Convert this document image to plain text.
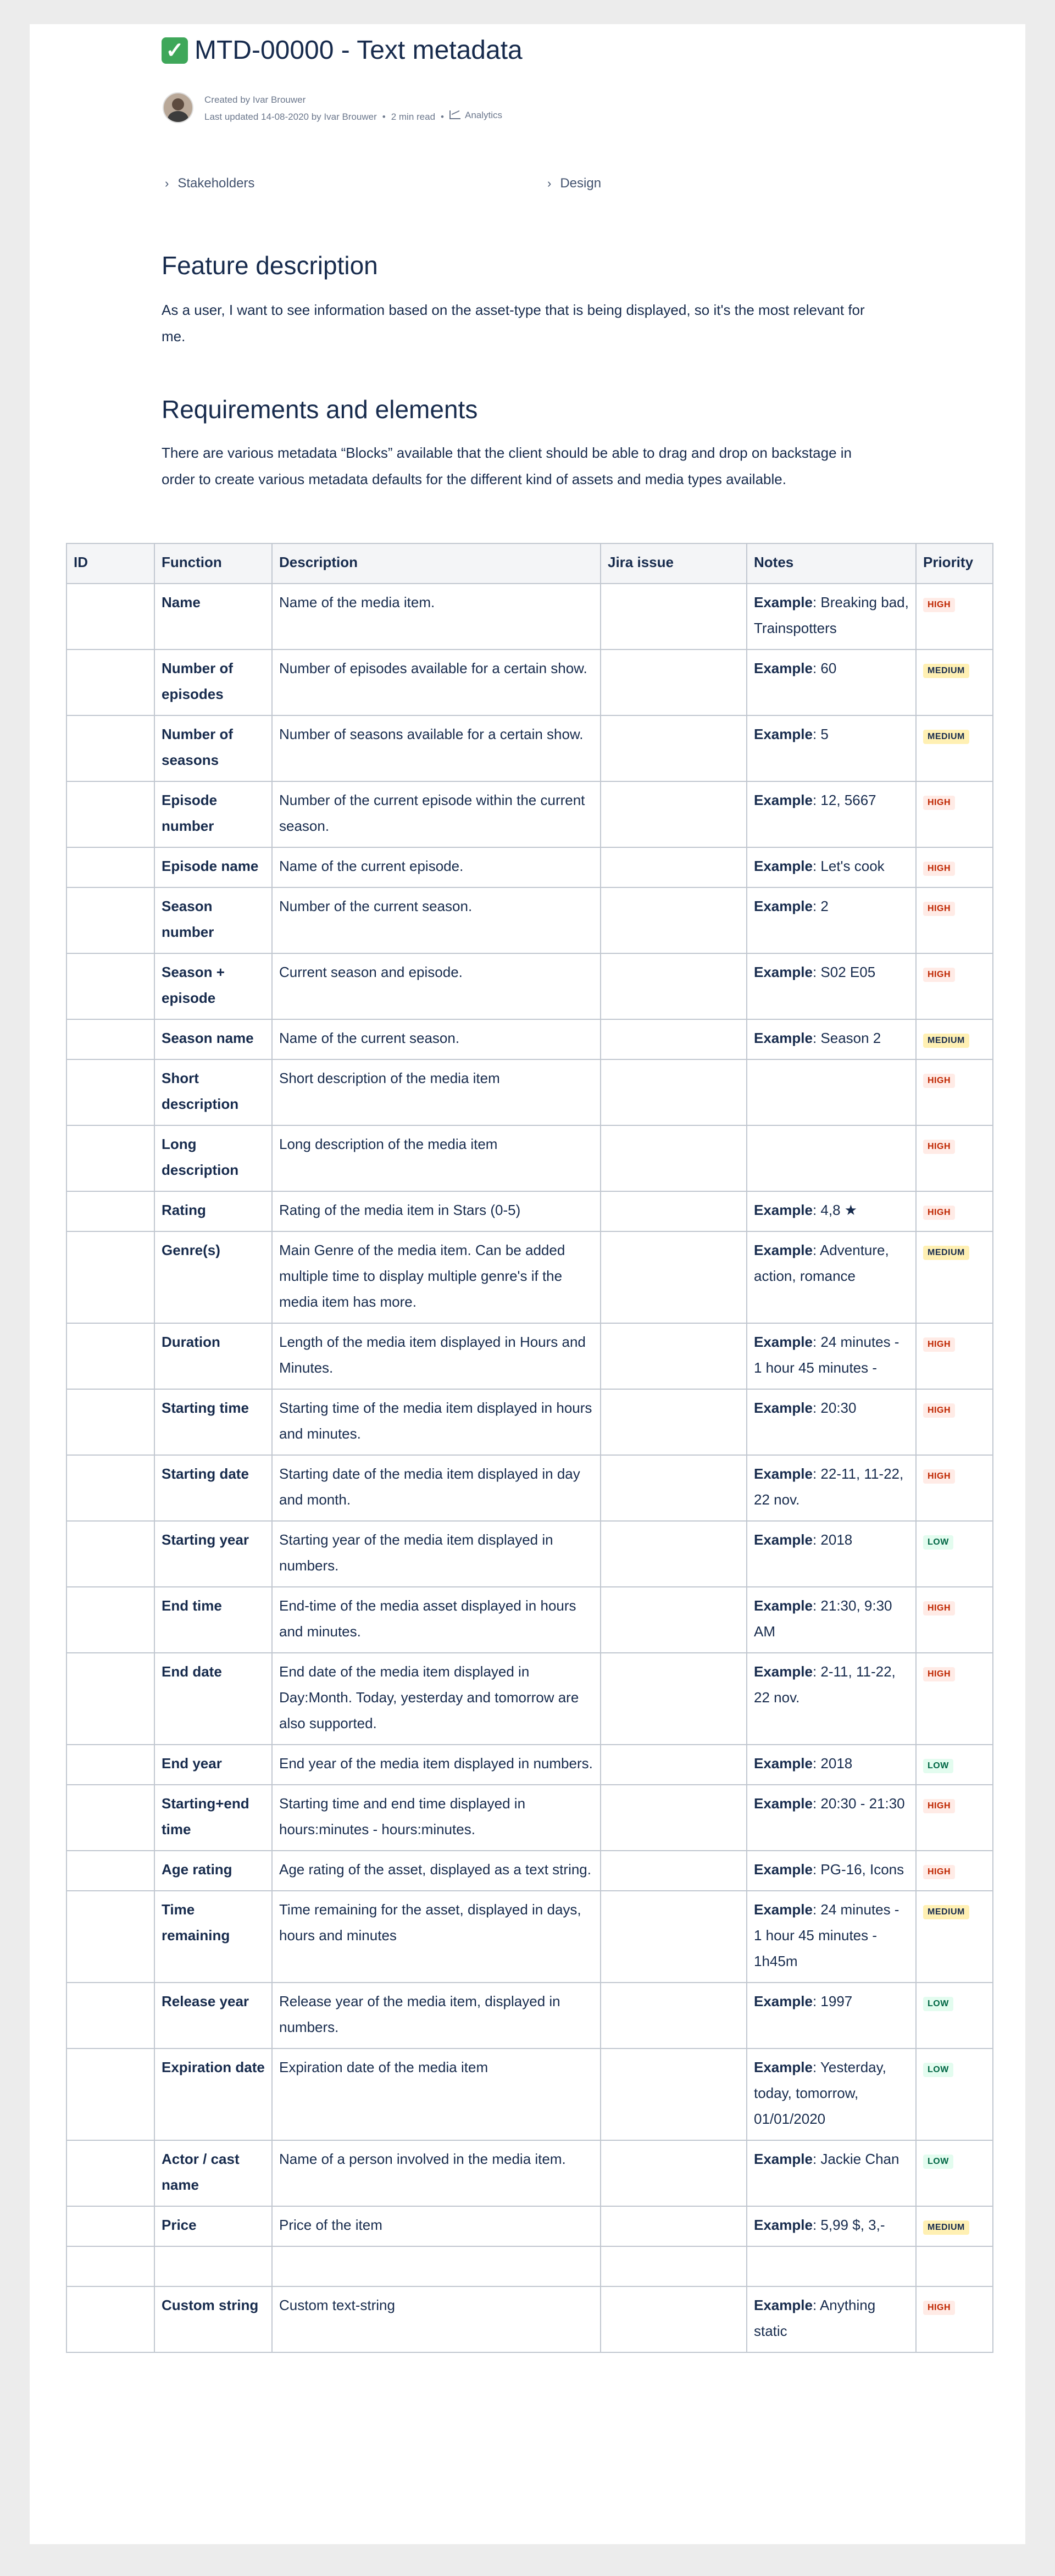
✓ MTD-00000 - Text metadata
Created by Ivar Brouwer
Last updated 14-08-2020 by Ivar Brouwer • 2 min read • Analytics
› Stakeholders	› Design
Feature description

As a user, I want to see information based on the asset-type that is being displayed, so it's the most relevant for me.

Requirements and elements

There are various metadata “Blocks” available that the client should be able to drag and drop on backstage in order to create various metadata defaults for the different kind of assets and media types available.

ID	Function	Description	Jira issue	Notes	Priority
	Name	Name of the media item.		Example: Breaking bad, Trainspotters	HIGH
	Number of episodes	Number of episodes available for a certain show.		Example: 60	MEDIUM
	Number of seasons	Number of seasons available for a certain show.		Example: 5	MEDIUM
	Episode number	Number of the current episode within the current season.		Example: 12, 5667	HIGH
	Episode name	Name of the current episode.		Example: Let's cook	HIGH
	Season number	Number of the current season.		Example: 2	HIGH
	Season + episode	Current season and episode.		Example: S02 E05	HIGH
	Season name	Name of the current season.		Example: Season 2	MEDIUM
	Short description	Short description of the media item			HIGH
	Long description	Long description of the media item			HIGH
	Rating	Rating of the media item in Stars (0-5)		Example: 4,8 ★	HIGH
	Genre(s)	Main Genre of the media item. Can be added multiple time to display multiple genre's if the media item has more.		Example: Adventure, action, romance	MEDIUM
	Duration	Length of the media item displayed in Hours and Minutes.		Example: 24 minutes - 1 hour 45 minutes -	HIGH
	Starting time	Starting time of the media item displayed in hours and minutes.		Example: 20:30	HIGH
	Starting date	Starting date of the media item displayed in day and month.		Example: 22-11, 11-22, 22 nov.	HIGH
	Starting year	Starting year of the media item displayed in numbers.		Example: 2018	LOW
	End time	End-time of the media asset displayed in hours and minutes.		Example: 21:30, 9:30 AM	HIGH
	End date	End date of the media item displayed in Day:Month. Today, yesterday and tomorrow are also supported.		Example: 2-11, 11-22, 22 nov.	HIGH
	End year	End year of the media item displayed in numbers.		Example: 2018	LOW
	Starting+end time	Starting time and end time displayed in hours:minutes - hours:minutes.		Example: 20:30 - 21:30	HIGH
	Age rating	Age rating of the asset, displayed as a text string.		Example: PG-16, Icons	HIGH
	Time remaining	Time remaining for the asset, displayed in days, hours and minutes		Example: 24 minutes - 1 hour 45 minutes - 1h45m	MEDIUM
	Release year	Release year of the media item, displayed in numbers.		Example: 1997	LOW
	Expiration date	Expiration date of the media item		Example: Yesterday, today, tomorrow, 01/01/2020	LOW
	Actor / cast name	Name of a person involved in the media item.		Example: Jackie Chan	LOW
	Price	Price of the item		Example: 5,99 $, 3,-	MEDIUM

	Custom string	Custom text-string		Example: Anything static	HIGH
